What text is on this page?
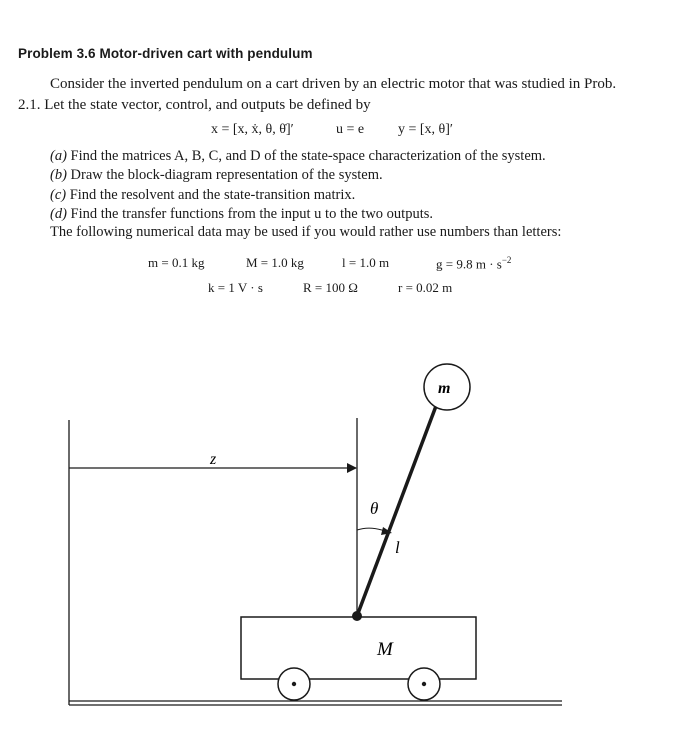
Problem 3.6 Motor-driven cart with pendulum
Consider the inverted pendulum on a cart driven by an electric motor that was studied in Prob.
2.1. Let the state vector, control, and outputs be defined by
x = [x, ẋ, θ, θ̇]′	u = e y = [x, θ]′
(a) Find the matrices A, B, C, and D of the state-space characterization of the system.
(b) Draw the block-diagram representation of the system.
(c) Find the resolvent and the state-transition matrix.
(d) Find the transfer functions from the input u to the two outputs.
The following numerical data may be used if you would rather use numbers than letters:
m = 0.1 kg	M = 1.0 kg	l = 1.0 m	g = 9.8 $m \cdot s^{-2}$
k = 1 V · s	R = 100 Ω	r = 0.02 m
z
θ
l
m
M
